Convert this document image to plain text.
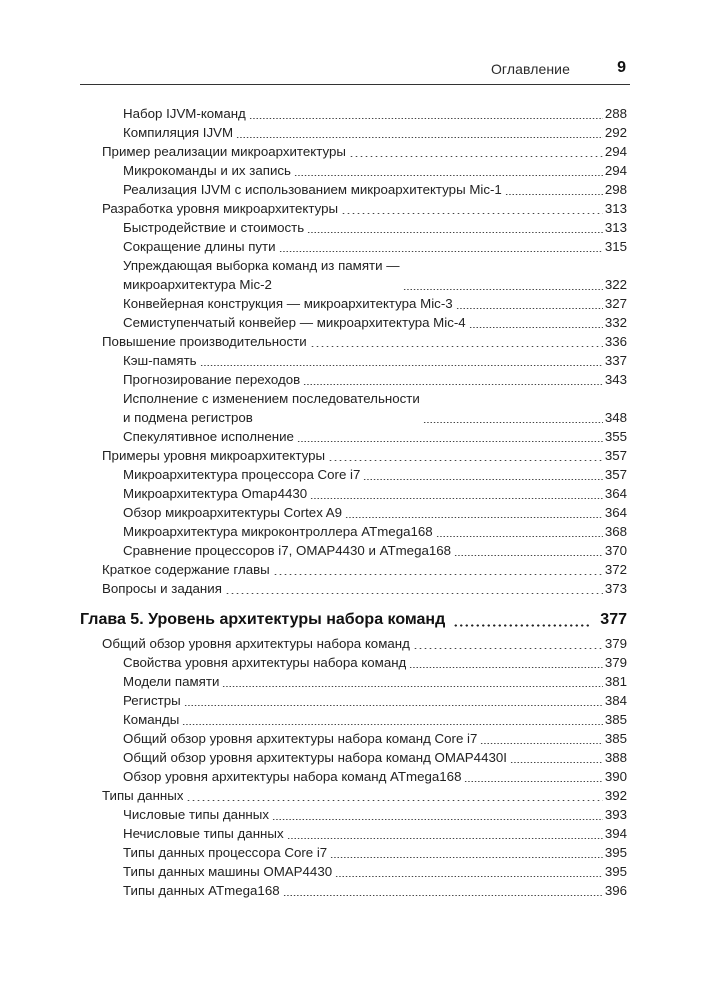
Оглавление	9
Набор IJVM-команд	288
Компиляция IJVM	292
Пример реализации микроархитектуры	294
Микрокоманды и их запись	294
Реализация IJVM с использованием микроархитектуры Mic-1	298
Разработка уровня микроархитектуры	313
Быстродействие и стоимость	313
Сокращение длины пути	315
Упреждающая выборка команд из памяти —
микроархитектура Mic-2	322
Конвейерная конструкция — микроархитектура Mic-3	327
Семиступенчатый конвейер — микроархитектура Mic-4	332
Повышение производительности	336
Кэш-память	337
Прогнозирование переходов	343
Исполнение с изменением последовательности
и подмена регистров	348
Спекулятивное исполнение	355
Примеры уровня микроархитектуры	357
Микроархитектура процессора Core i7	357
Микроархитектура Omap4430	364
Обзор микроархитектуры Cortex A9	364
Микроархитектура микроконтроллера ATmega168	368
Сравнение процессоров i7, OMAP4430 и ATmega168	370
Краткое содержание главы	372
Вопросы и задания	373
Глава 5. Уровень архитектуры набора команд	377
Общий обзор уровня архитектуры набора команд	379
Свойства уровня архитектуры набора команд	379
Модели памяти	381
Регистры	384
Команды	385
Общий обзор уровня архитектуры набора команд Core i7	385
Общий обзор уровня архитектуры набора команд OMAP4430I	388
Обзор уровня архитектуры набора команд ATmega168	390
Типы данных	392
Числовые типы данных	393
Нечисловые типы данных	394
Типы данных процессора Core i7	395
Типы данных машины OMAP4430	395
Типы данных ATmega168	396
